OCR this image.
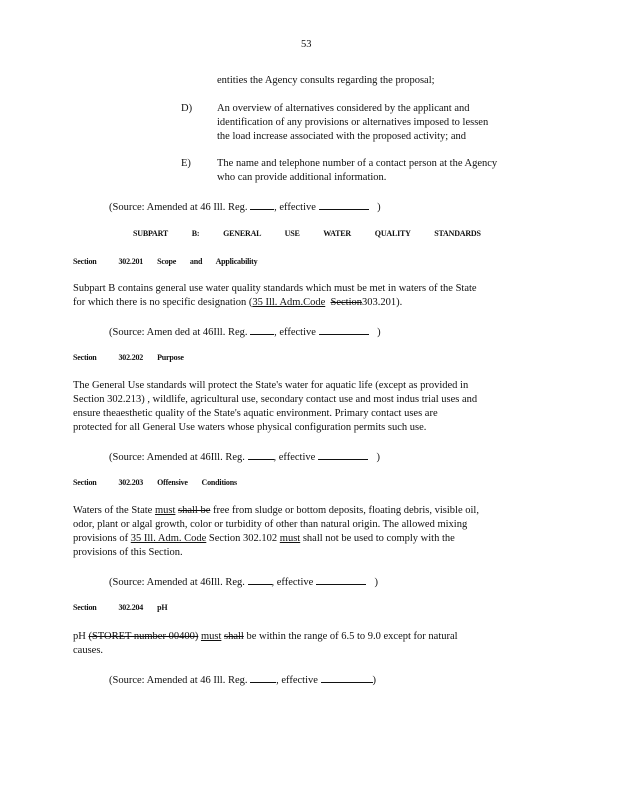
53
entities the Agency consults regarding the proposal;
D) An overview of alternatives considered by the applicant and
identification of any provisions or alternatives imposed to lessen
the load increase associated with the proposed activity; and
E) The name and telephone number of a contact person at the Agency
who can provide additional information.
(Source: Amended at 46 Ill. Reg.	, effective	)
SUBPART B: GENERAL USE WATER QUALITY STANDARDS
Section	302.201 Scope and Applicability
Subpart B contains general use water quality standards which must be met in waters of the State
for which there is no specific designation (35 Ill. Adm.Code Section303.201).
(Source: Amen ded at 46Ill. Reg.	, effective	)
Section	302.202 Purpose
The General Use standards will protect the State's water for aquatic life (except as provided in
Section 302.213) , wildlife, agricultural use, secondary contact use and most indus trial uses and
ensure theaesthetic quality of the State's aquatic environment. Primary contact uses are
protected for all General Use waters whose physical configuration permits such use.
(Source: Amended at 46Ill. Reg.	, effective	)
Section	302.203 Offensive Conditions
Waters of the State must shall be free from sludge or bottom deposits, floating debris, visible oil,
odor, plant or algal growth, color or turbidity of other than natural origin. The allowed mixing
provisions of 35 Ill. Adm. Code Section 302.102 must shall not be used to comply with the
provisions of this Section.
(Source: Amended at 46Ill. Reg.	, effective	)
Section	302.204 pH
pH (STORET number 00400) must shall be within the range of 6.5 to 9.0 except for natural
causes.
(Source: Amended at 46 Ill. Reg.	, effective	)
